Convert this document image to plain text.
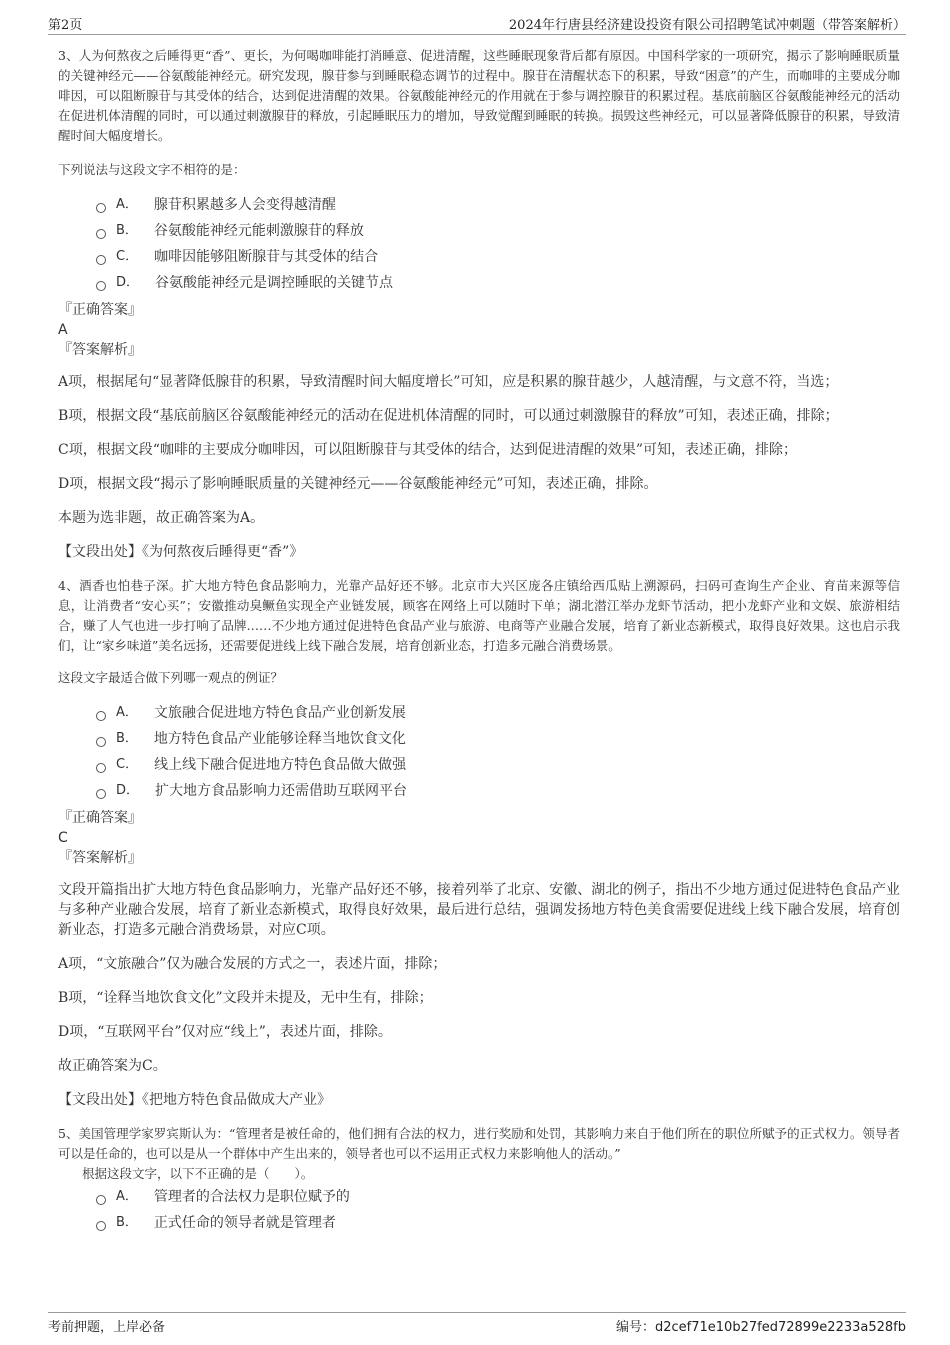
第2页	2024年行唐县经济建设投资有限公司招聘笔试冲刺题（带答案解析）

3、人为何熬夜之后睡得更“香”、更长，为何喝咖啡能打消睡意、促进清醒，这些睡眠现象背后都有原因。中国科学家的一项研究，揭示了影响睡眠质量的关键神经元——谷氨酸能神经元。研究发现，腺苷参与到睡眠稳态调节的过程中。腺苷在清醒状态下的积累，导致“困意”的产生，而咖啡的主要成分咖啡因，可以阻断腺苷与其受体的结合，达到促进清醒的效果。谷氨酸能神经元的作用就在于参与调控腺苷的积累过程。基底前脑区谷氨酸能神经元的活动在促进机体清醒的同时，可以通过刺激腺苷的释放，引起睡眠压力的增加，导致觉醒到睡眠的转换。损毁这些神经元，可以显著降低腺苷的积累，导致清醒时间大幅度增长。

下列说法与这段文字不相符的是：

A． 腺苷积累越多人会变得越清醒
B． 谷氨酸能神经元能刺激腺苷的释放
C． 咖啡因能够阻断腺苷与其受体的结合
D． 谷氨酸能神经元是调控睡眠的关键节点

『正确答案』

A

『答案解析』

A项，根据尾句“显著降低腺苷的积累，导致清醒时间大幅度增长”可知，应是积累的腺苷越少，人越清醒，与文意不符，当选；

B项，根据文段“基底前脑区谷氨酸能神经元的活动在促进机体清醒的同时，可以通过刺激腺苷的释放”可知，表述正确，排除；

C项，根据文段“咖啡的主要成分咖啡因，可以阻断腺苷与其受体的结合，达到促进清醒的效果”可知，表述正确，排除；

D项，根据文段“揭示了影响睡眠质量的关键神经元——谷氨酸能神经元”可知，表述正确，排除。

本题为选非题，故正确答案为A。

【文段出处】《为何熬夜后睡得更“香”》

4、酒香也怕巷子深。扩大地方特色食品影响力，光靠产品好还不够。北京市大兴区庞各庄镇给西瓜贴上溯源码，扫码可查询生产企业、育苗来源等信息，让消费者“安心买”；安徽推动臭鳜鱼实现全产业链发展，顾客在网络上可以随时下单；湖北潜江举办龙虾节活动，把小龙虾产业和文娱、旅游相结合，赚了人气也进一步打响了品牌……不少地方通过促进特色食品产业与旅游、电商等产业融合发展，培育了新业态新模式，取得良好效果。这也启示我们，让“家乡味道”美名远扬，还需要促进线上线下融合发展，培育创新业态，打造多元融合消费场景。

这段文字最适合做下列哪一观点的例证？

A． 文旅融合促进地方特色食品产业创新发展
B． 地方特色食品产业能够诠释当地饮食文化
C． 线上线下融合促进地方特色食品做大做强
D． 扩大地方食品影响力还需借助互联网平台

『正确答案』

C

『答案解析』

文段开篇指出扩大地方特色食品影响力，光靠产品好还不够，接着列举了北京、安徽、湖北的例子，指出不少地方通过促进特色食品产业与多种产业融合发展，培育了新业态新模式，取得良好效果，最后进行总结，强调发扬地方特色美食需要促进线上线下融合发展，培育创新业态，打造多元融合消费场景，对应C项。

A项，“文旅融合”仅为融合发展的方式之一，表述片面，排除；

B项，“诠释当地饮食文化”文段并未提及，无中生有，排除；

D项，“互联网平台”仅对应“线上”，表述片面，排除。

故正确答案为C。

【文段出处】《把地方特色食品做成大产业》

5、美国管理学家罗宾斯认为：“管理者是被任命的，他们拥有合法的权力，进行奖励和处罚，其影响力来自于他们所在的职位所赋予的正式权力。领导者可以是任命的，也可以是从一个群体中产生出来的，领导者也可以不运用正式权力来影响他人的活动。”

根据这段文字，以下不正确的是（　　）。
A． 管理者的合法权力是职位赋予的
B． 正式任命的领导者就是管理者
考前押题，上岸必备	编号：d2cef71e10b27fed72899e2233a528fb
